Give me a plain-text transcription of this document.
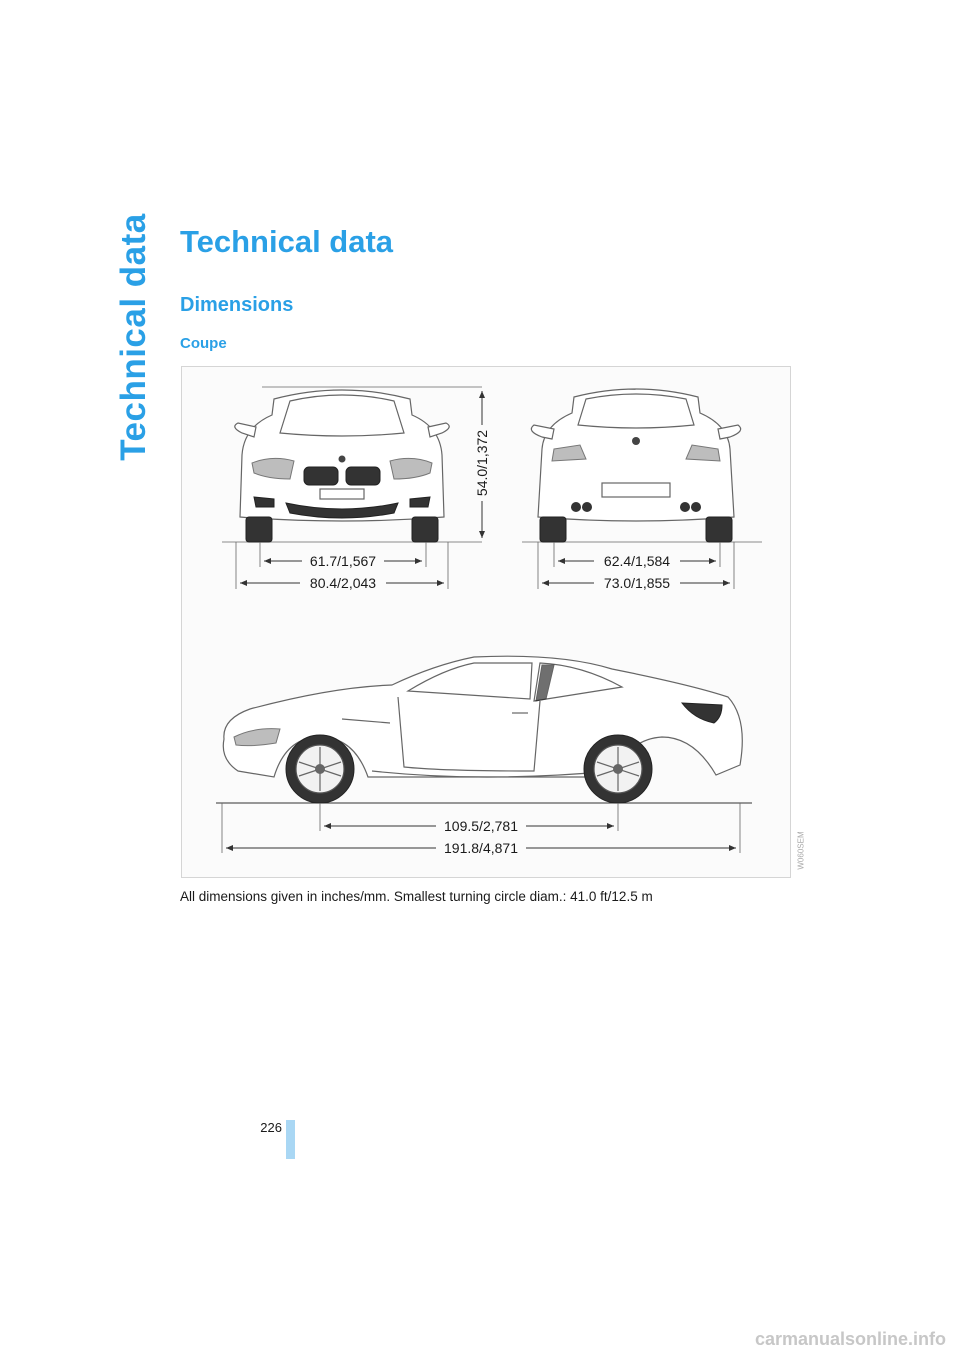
Technical data Technical data
Dimensions
Coupe
54.0/1,372
61.7/1,567
80.4/2,043
62.4/1,584
73.0/1,855
109.5/2,781
191.8/4,871	W060SEM

All dimensions given in inches/mm. Smallest turning circle diam.: 41.0 ft/12.5 m

226

carmanualsonline.info
